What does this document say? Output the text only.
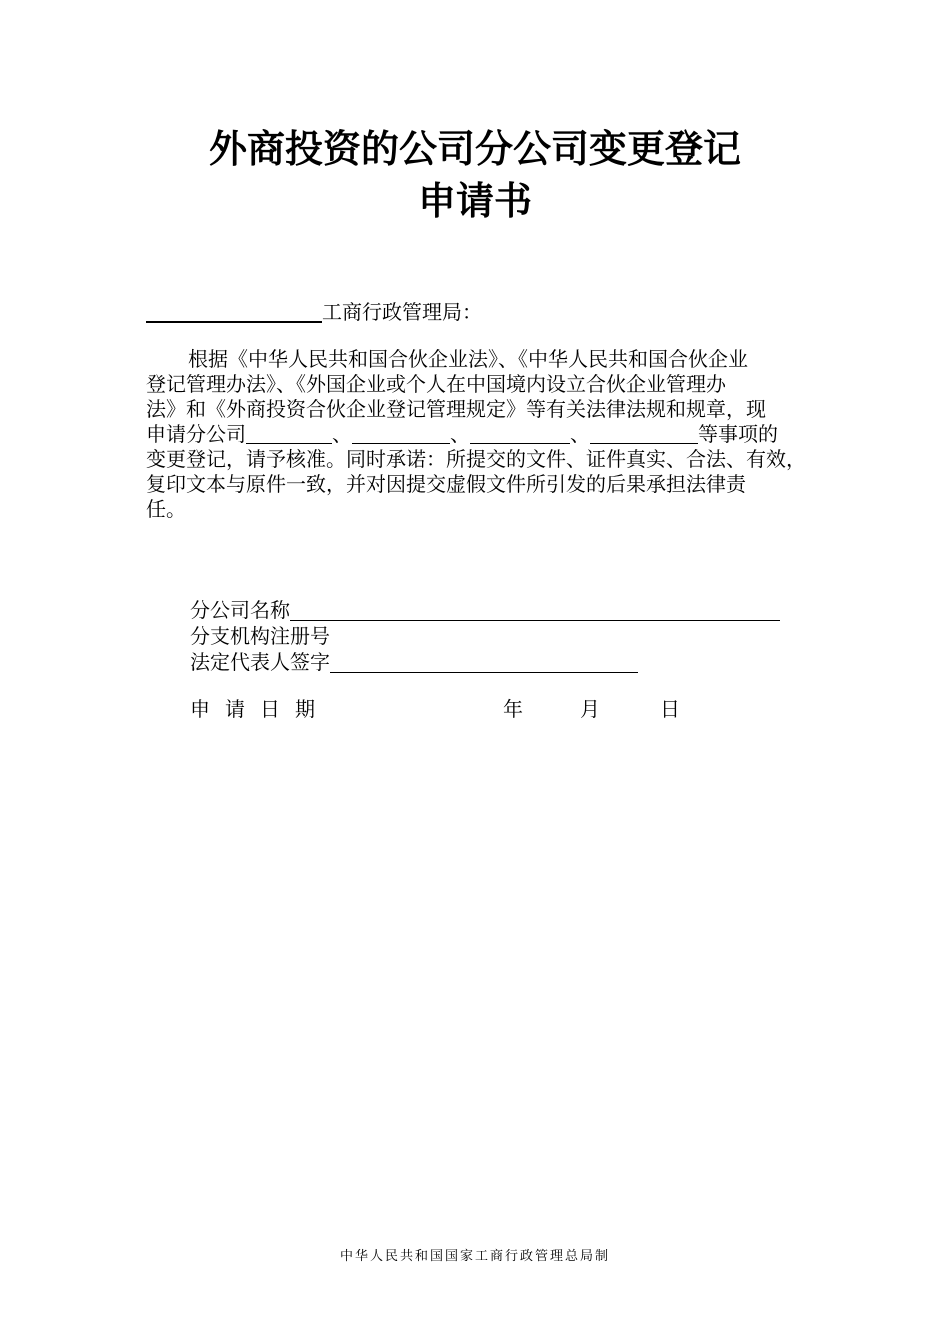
外商投资的公司分公司变更登记
申请书
工商行政管理局：
根据《中华人民共和国合伙企业法》、《中华人民共和国合伙企业
登记管理办法》、《外国企业或个人在中国境内设立合伙企业管理办
法》和《外商投资合伙企业登记管理规定》等有关法律法规和规章，现
申请分公司	、	、	、	等事项的
变更登记，请予核准。同时承诺：所提交的文件、证件真实、合法、有效，
复印文本与原件一致，并对因提交虚假文件所引发的后果承担法律责
任。
分公司名称
分支机构注册号
法定代表人签字
申请日期	年	月	日
中华人民共和国国家工商行政管理总局制
